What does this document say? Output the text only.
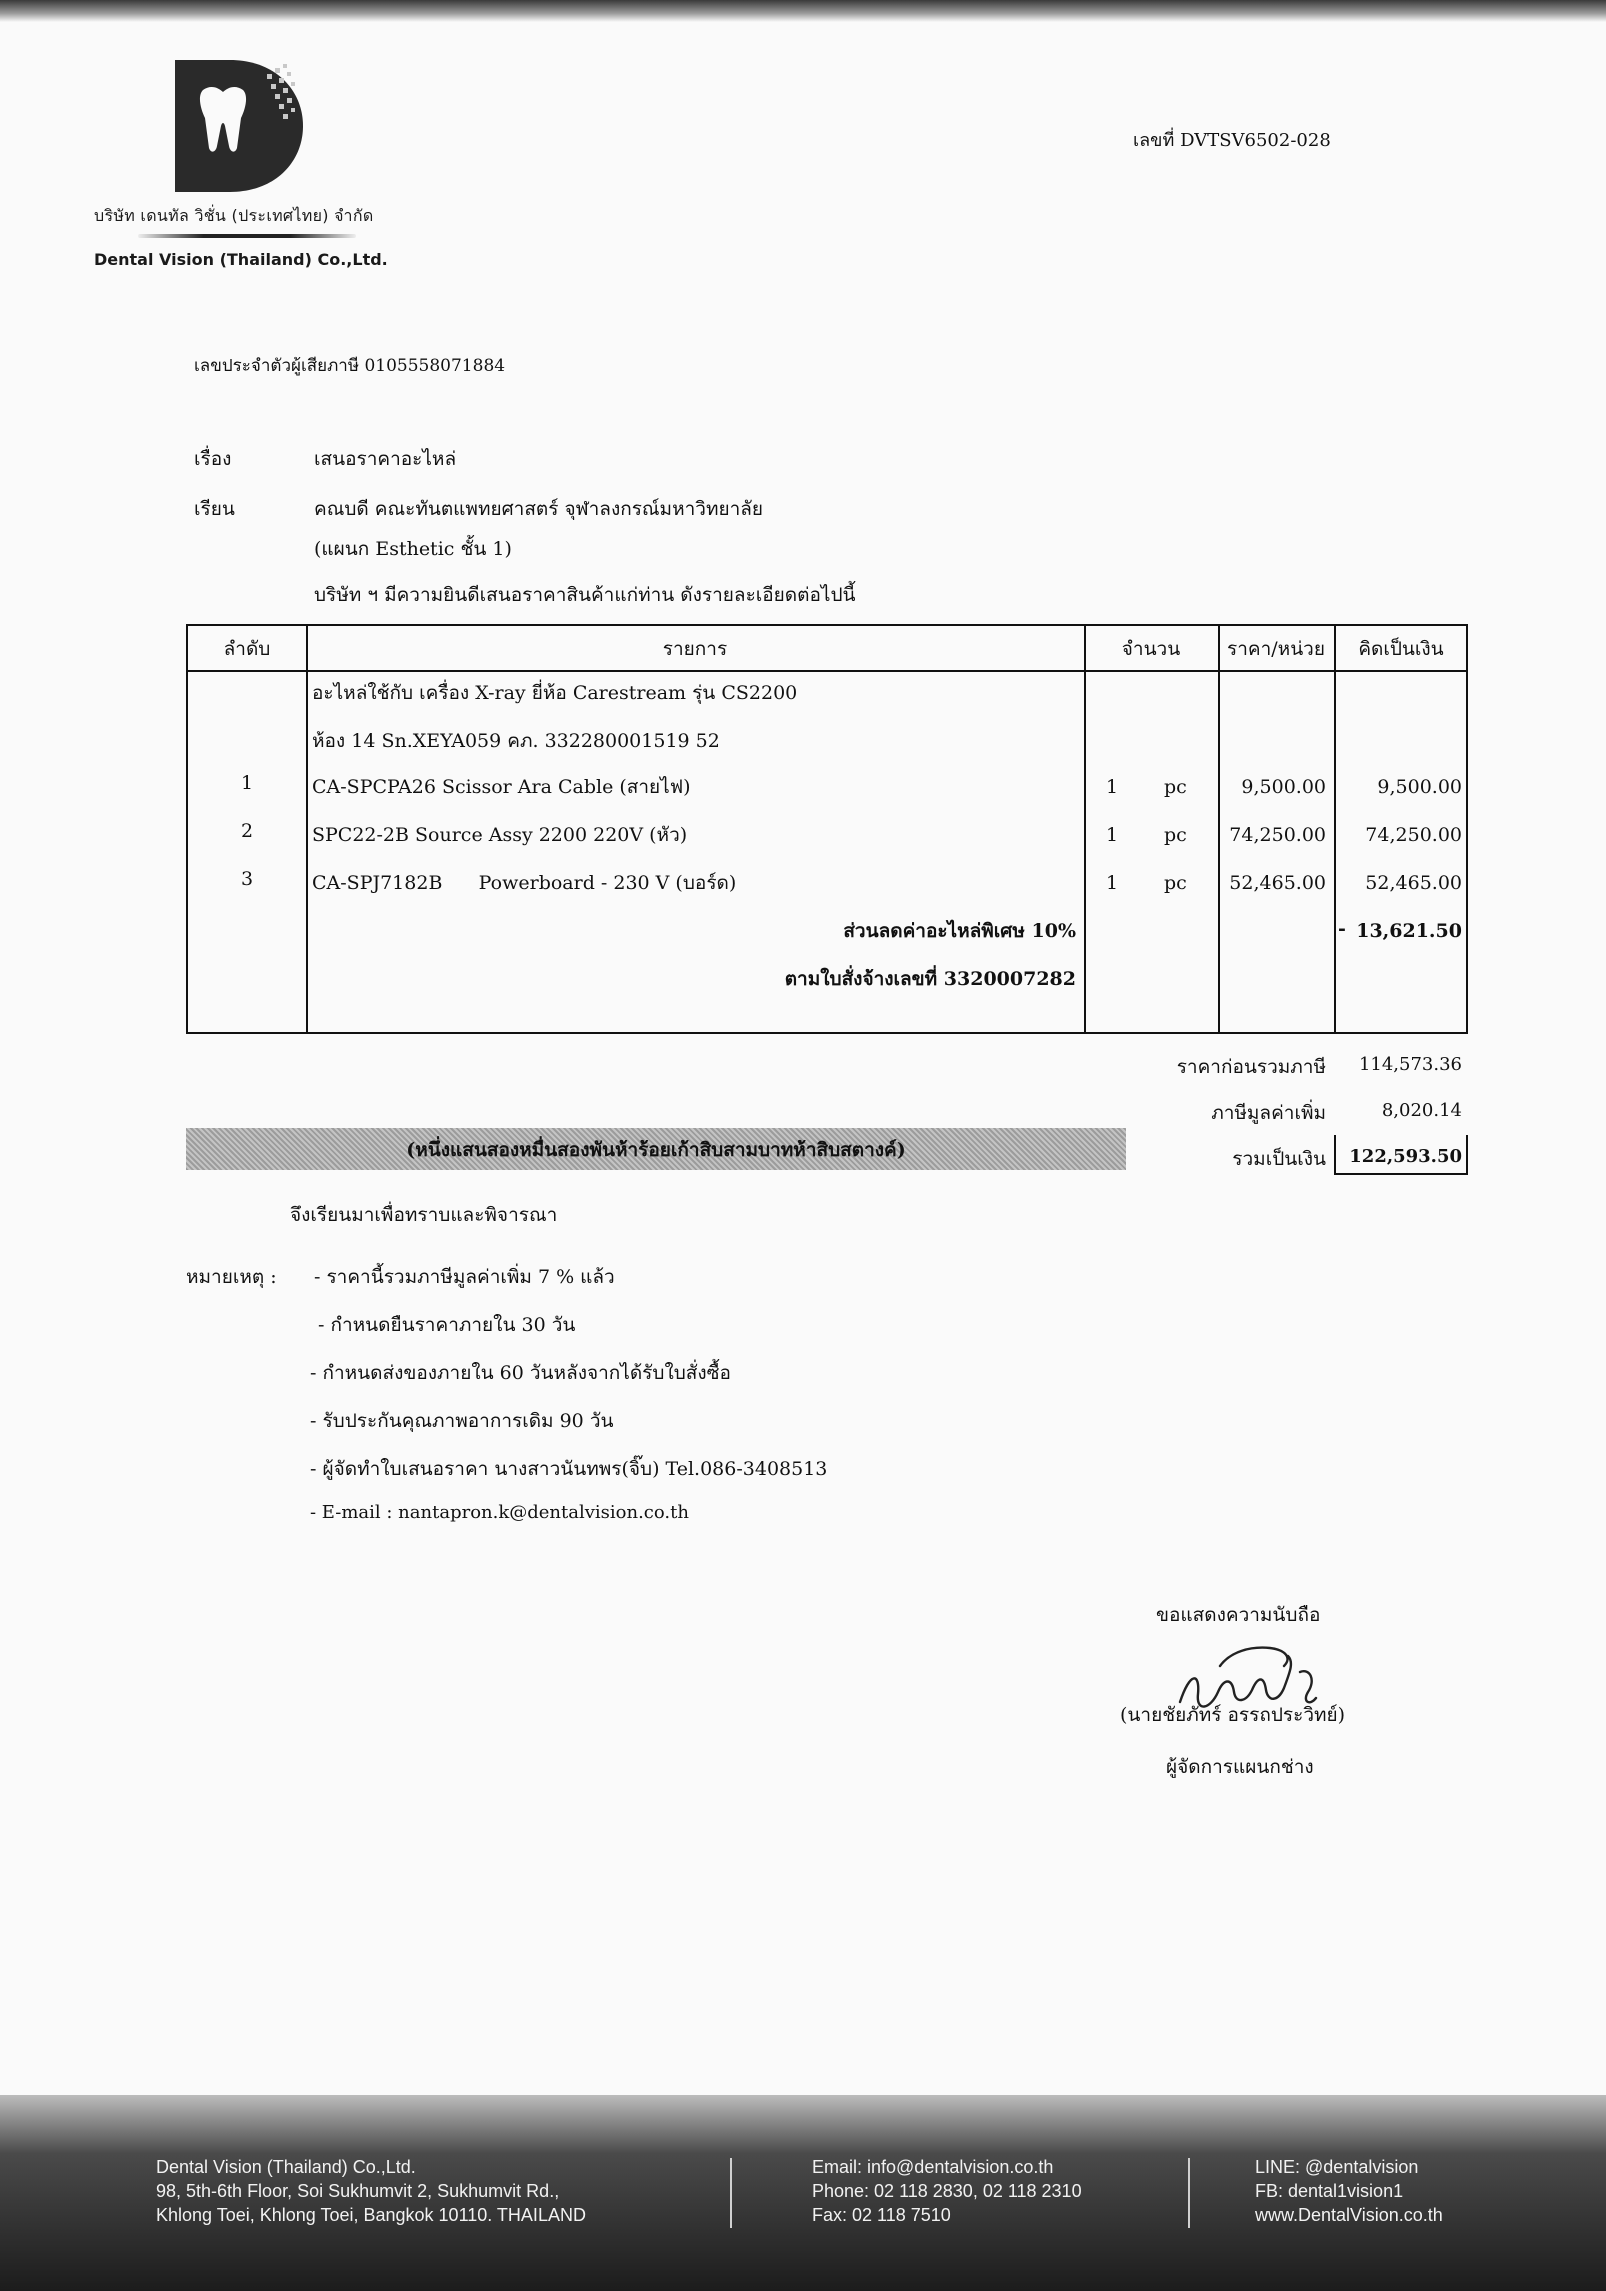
บริษัท เดนทัล วิชั่น (ประเทศไทย) จำกัด
Dental Vision (Thailand) Co.,Ltd.
เลขที่ DVTSV6502-028
เลขประจำตัวผู้เสียภาษี 0105558071884
เรื่อง	เสนอราคาอะไหล่
เรียน	คณบดี คณะทันตแพทยศาสตร์ จุฬาลงกรณ์มหาวิทยาลัย
(แผนก Esthetic ชั้น 1)
บริษัท ฯ มีความยินดีเสนอราคาสินค้าแก่ท่าน ดังรายละเอียดต่อไปนี้
ลำดับ	รายการ	จำนวน	ราคา/หน่วย	คิดเป็นเงิน
อะไหล่ใช้กับ เครื่อง X-ray ยี่ห้อ Carestream รุ่น CS2200
ห้อง 14 Sn.XEYA059 คภ. 332280001519 52
1	CA-SPCPA26 Scissor Ara Cable (สายไฟ)	1 pc	9,500.00	9,500.00
2	SPC22-2B Source Assy 2200 220V (หัว)	1 pc	74,250.00	74,250.00
3	CA-SPJ7182B      Powerboard - 230 V (บอร์ด)	1 pc	52,465.00	52,465.00
ส่วนลดค่าอะไหล่พิเศษ 10%	- 13,621.50
ตามใบสั่งจ้างเลขที่ 3320007282
ราคาก่อนรวมภาษี	114,573.36
ภาษีมูลค่าเพิ่ม	8,020.14
(หนึ่งแสนสองหมื่นสองพันห้าร้อยเก้าสิบสามบาทห้าสิบสตางค์)	รวมเป็นเงิน	122,593.50
จึงเรียนมาเพื่อทราบและพิจารณา
หมายเหตุ : - ราคานี้รวมภาษีมูลค่าเพิ่ม 7 % แล้ว
- กำหนดยืนราคาภายใน 30 วัน
- กำหนดส่งของภายใน 60 วันหลังจากได้รับใบสั่งซื้อ
- รับประกันคุณภาพอาการเดิม 90 วัน
- ผู้จัดทำใบเสนอราคา นางสาวนันทพร(จิ๊บ) Tel.086-3408513
- E-mail : nantapron.k@dentalvision.co.th
ขอแสดงความนับถือ
(นายชัยภัทร์ อรรถประวิทย์)
ผู้จัดการแผนกช่าง
Dental Vision (Thailand) Co.,Ltd.
98, 5th-6th Floor, Soi Sukhumvit 2, Sukhumvit Rd.,
Khlong Toei, Khlong Toei, Bangkok 10110. THAILAND
Email: info@dentalvision.co.th
Phone: 02 118 2830, 02 118 2310
Fax: 02 118 7510
LINE: @dentalvision
FB: dental1vision1
www.DentalVision.co.th
